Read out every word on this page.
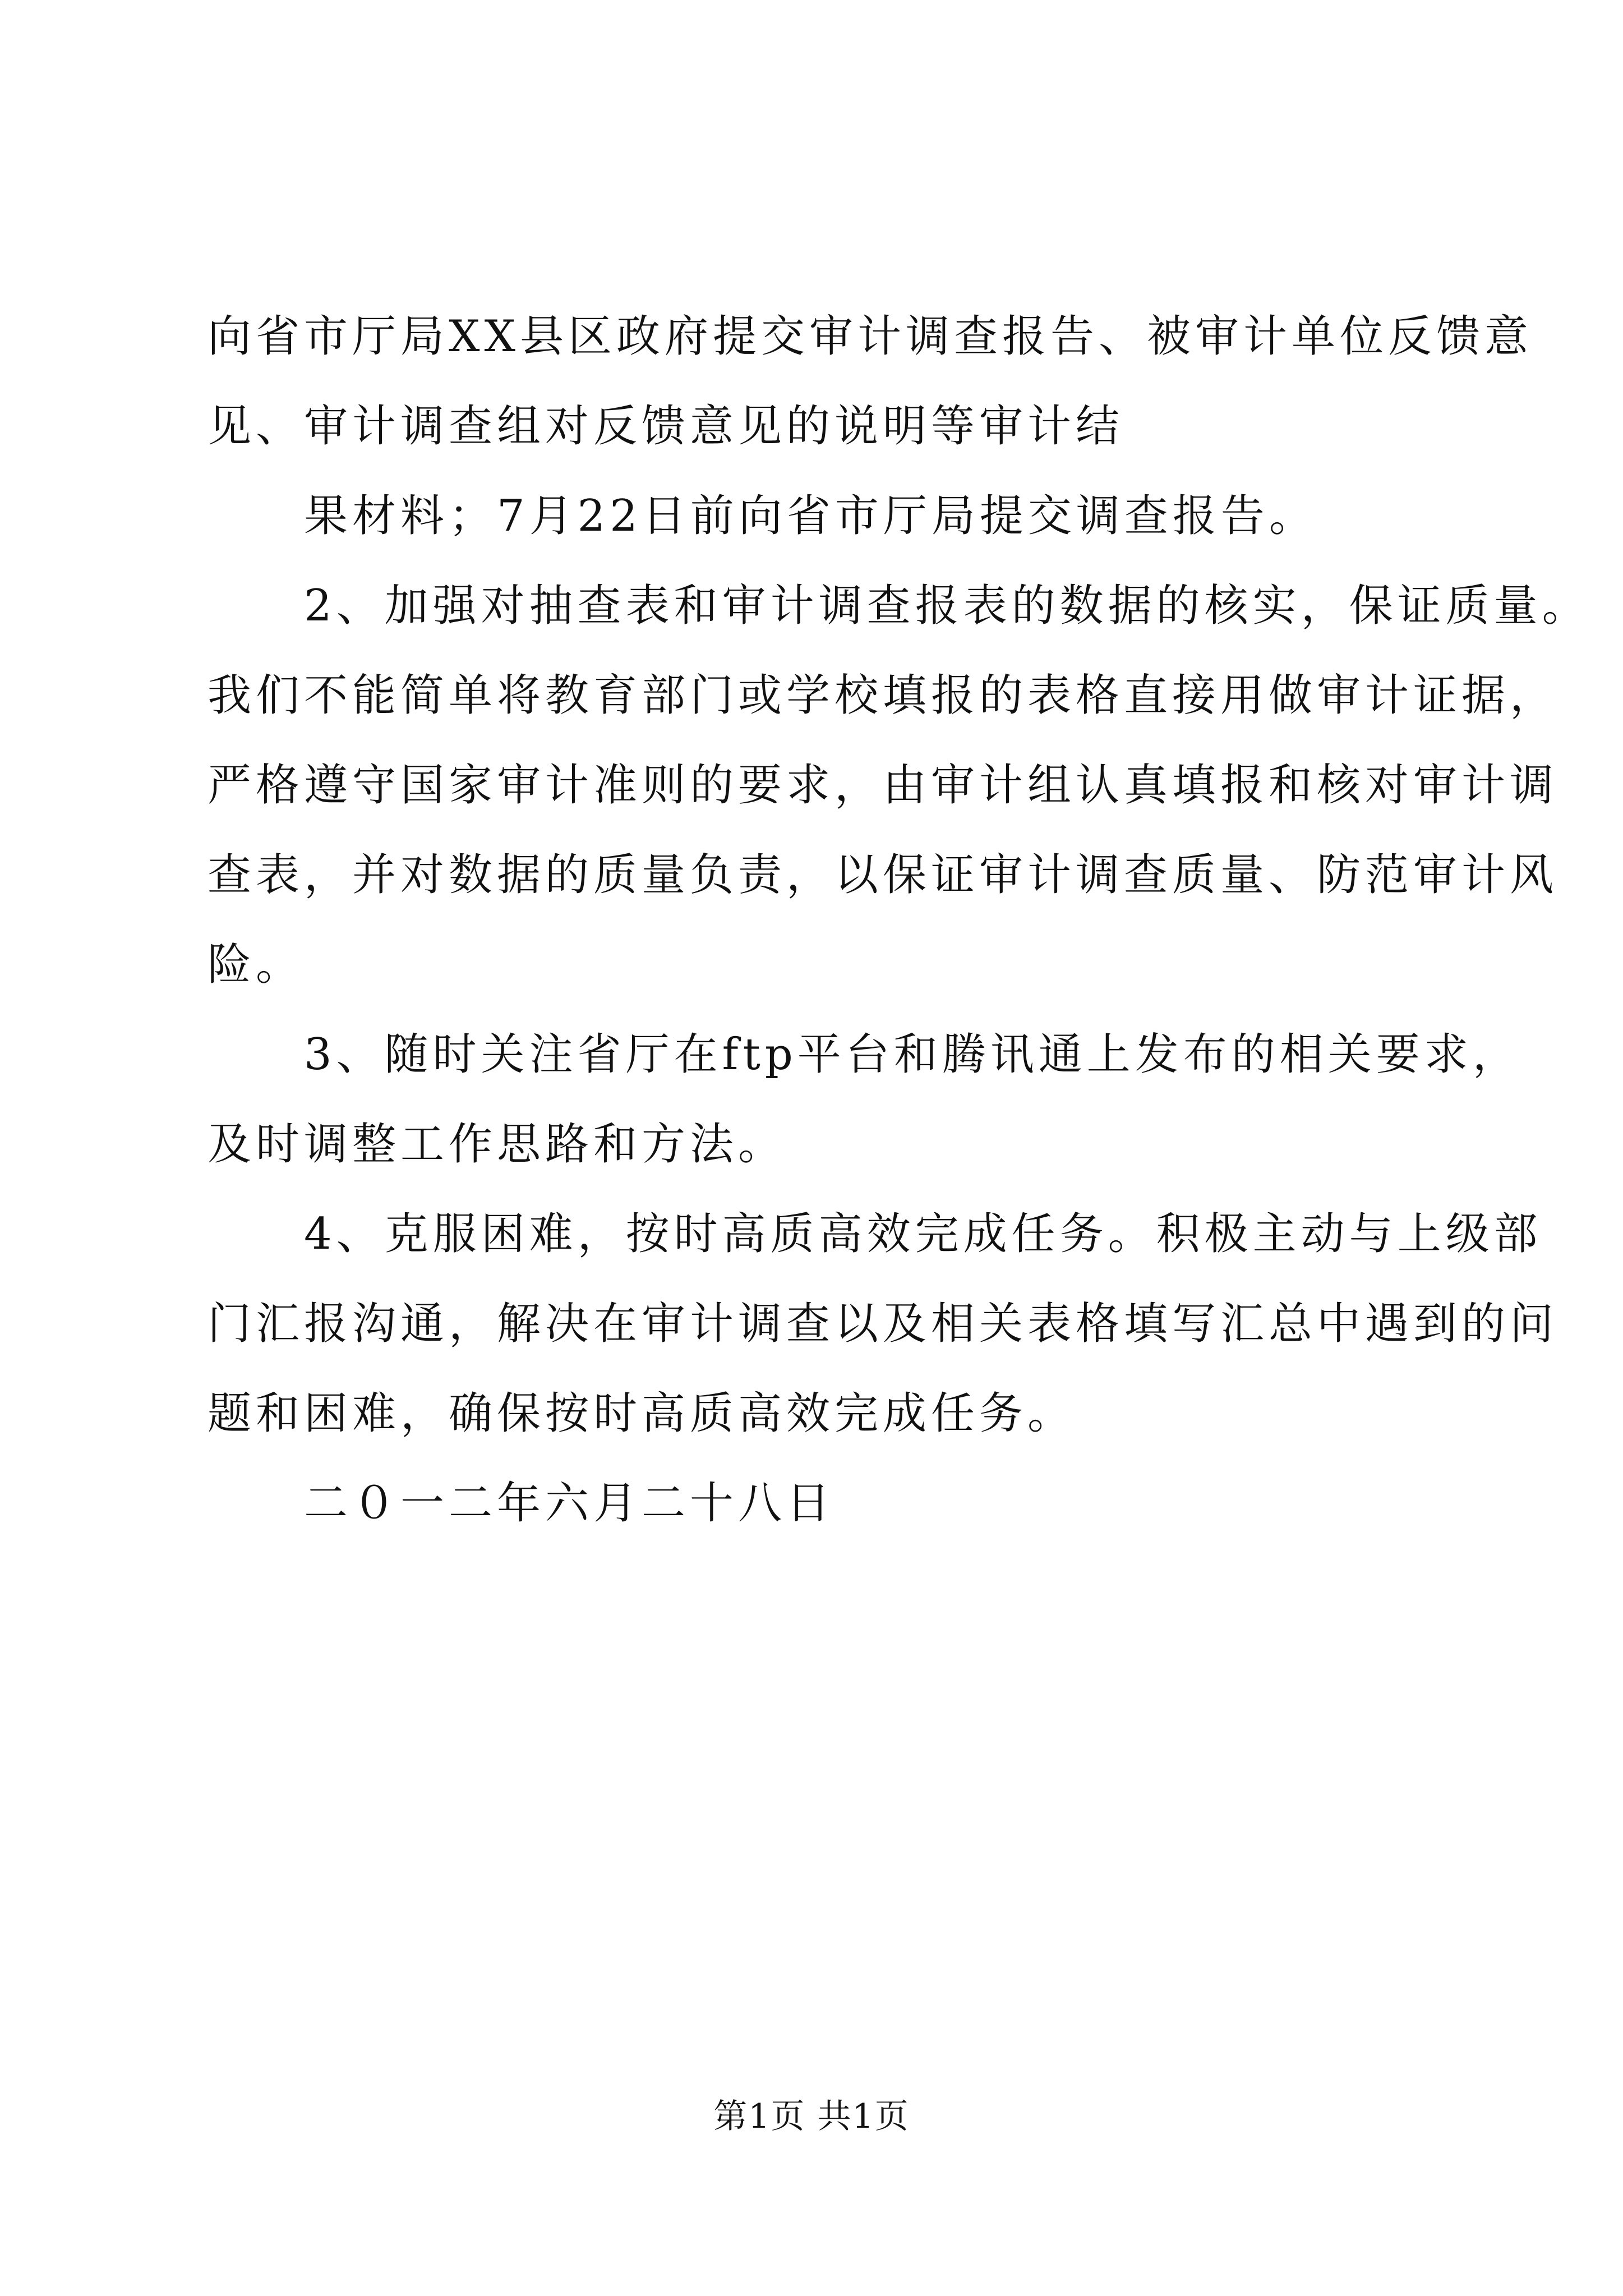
向省市厅局XX县区政府提交审计调查报告、被审计单位反馈意

见、审计调查组对反馈意见的说明等审计结

果材料；7月22日前向省市厅局提交调查报告。

2、加强对抽查表和审计调查报表的数据的核实，保证质量。

我们不能简单将教育部门或学校填报的表格直接用做审计证据，

严格遵守国家审计准则的要求，由审计组认真填报和核对审计调

查表，并对数据的质量负责，以保证审计调查质量、防范审计风

险。

3、随时关注省厅在ftp平台和腾讯通上发布的相关要求，

及时调整工作思路和方法。

4、克服困难，按时高质高效完成任务。积极主动与上级部

门汇报沟通，解决在审计调查以及相关表格填写汇总中遇到的问

题和困难，确保按时高质高效完成任务。

二０一二年六月二十八日

第1页 共1页
